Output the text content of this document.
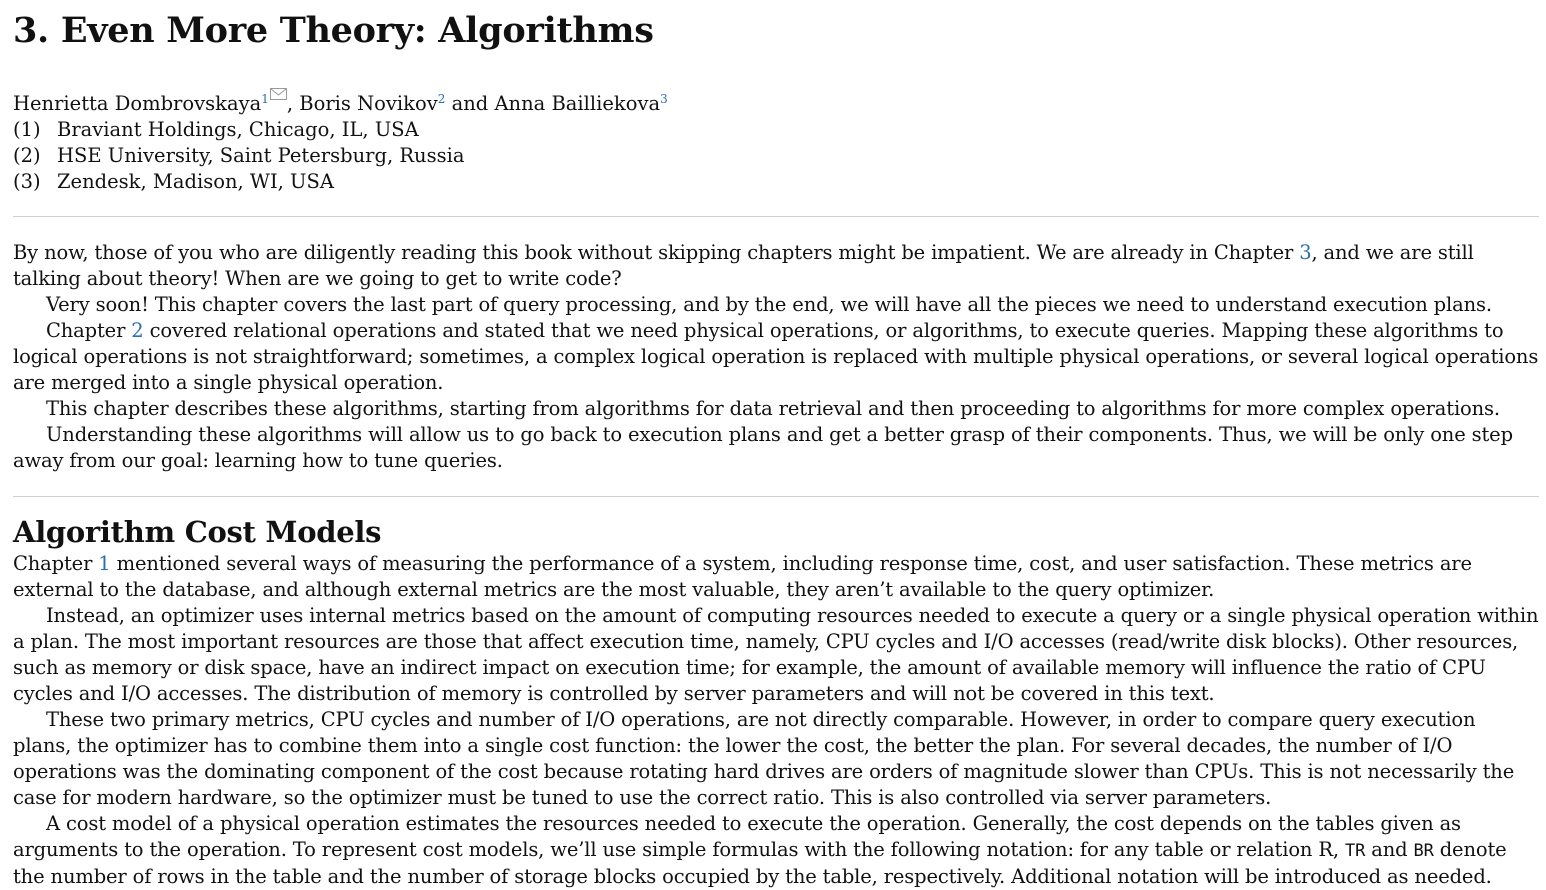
3. Even More Theory: Algorithms
Henrietta Dombrovskaya$^1$ , Boris Novikov$^2$ and Anna Bailliekova$^3$
(1) Braviant Holdings, Chicago, IL, USA
(2) HSE University, Saint Petersburg, Russia
(3) Zendesk, Madison, WI, USA

By now, those of you who are diligently reading this book without skipping chapters might be impatient. We are already in Chapter 3, and we are still talking about theory! When are we going to get to write code?

Very soon! This chapter covers the last part of query processing, and by the end, we will have all the pieces we need to understand execution plans.

Chapter 2 covered relational operations and stated that we need physical operations, or algorithms, to execute queries. Mapping these algorithms to logical operations is not straightforward; sometimes, a complex logical operation is replaced with multiple physical operations, or several logical operations are merged into a single physical operation.

This chapter describes these algorithms, starting from algorithms for data retrieval and then proceeding to algorithms for more complex operations.

Understanding these algorithms will allow us to go back to execution plans and get a better grasp of their components. Thus, we will be only one step away from our goal: learning how to tune queries.

Algorithm Cost Models

Chapter 1 mentioned several ways of measuring the performance of a system, including response time, cost, and user satisfaction. These metrics are external to the database, and although external metrics are the most valuable, they aren’t available to the query optimizer.

Instead, an optimizer uses internal metrics based on the amount of computing resources needed to execute a query or a single physical operation within a plan. The most important resources are those that affect execution time, namely, CPU cycles and I/O accesses (read/write disk blocks). Other resources, such as memory or disk space, have an indirect impact on execution time; for example, the amount of available memory will influence the ratio of CPU cycles and I/O accesses. The distribution of memory is controlled by server parameters and will not be covered in this text.

These two primary metrics, CPU cycles and number of I/O operations, are not directly comparable. However, in order to compare query execution plans, the optimizer has to combine them into a single cost function: the lower the cost, the better the plan. For several decades, the number of I/O operations was the dominating component of the cost because rotating hard drives are orders of magnitude slower than CPUs. This is not necessarily the case for modern hardware, so the optimizer must be tuned to use the correct ratio. This is also controlled via server parameters.

A cost model of a physical operation estimates the resources needed to execute the operation. Generally, the cost depends on the tables given as arguments to the operation. To represent cost models, we’ll use simple formulas with the following notation: for any table or relation R, TR and BR denote the number of rows in the table and the number of storage blocks occupied by the table, respectively. Additional notation will be introduced as needed.
